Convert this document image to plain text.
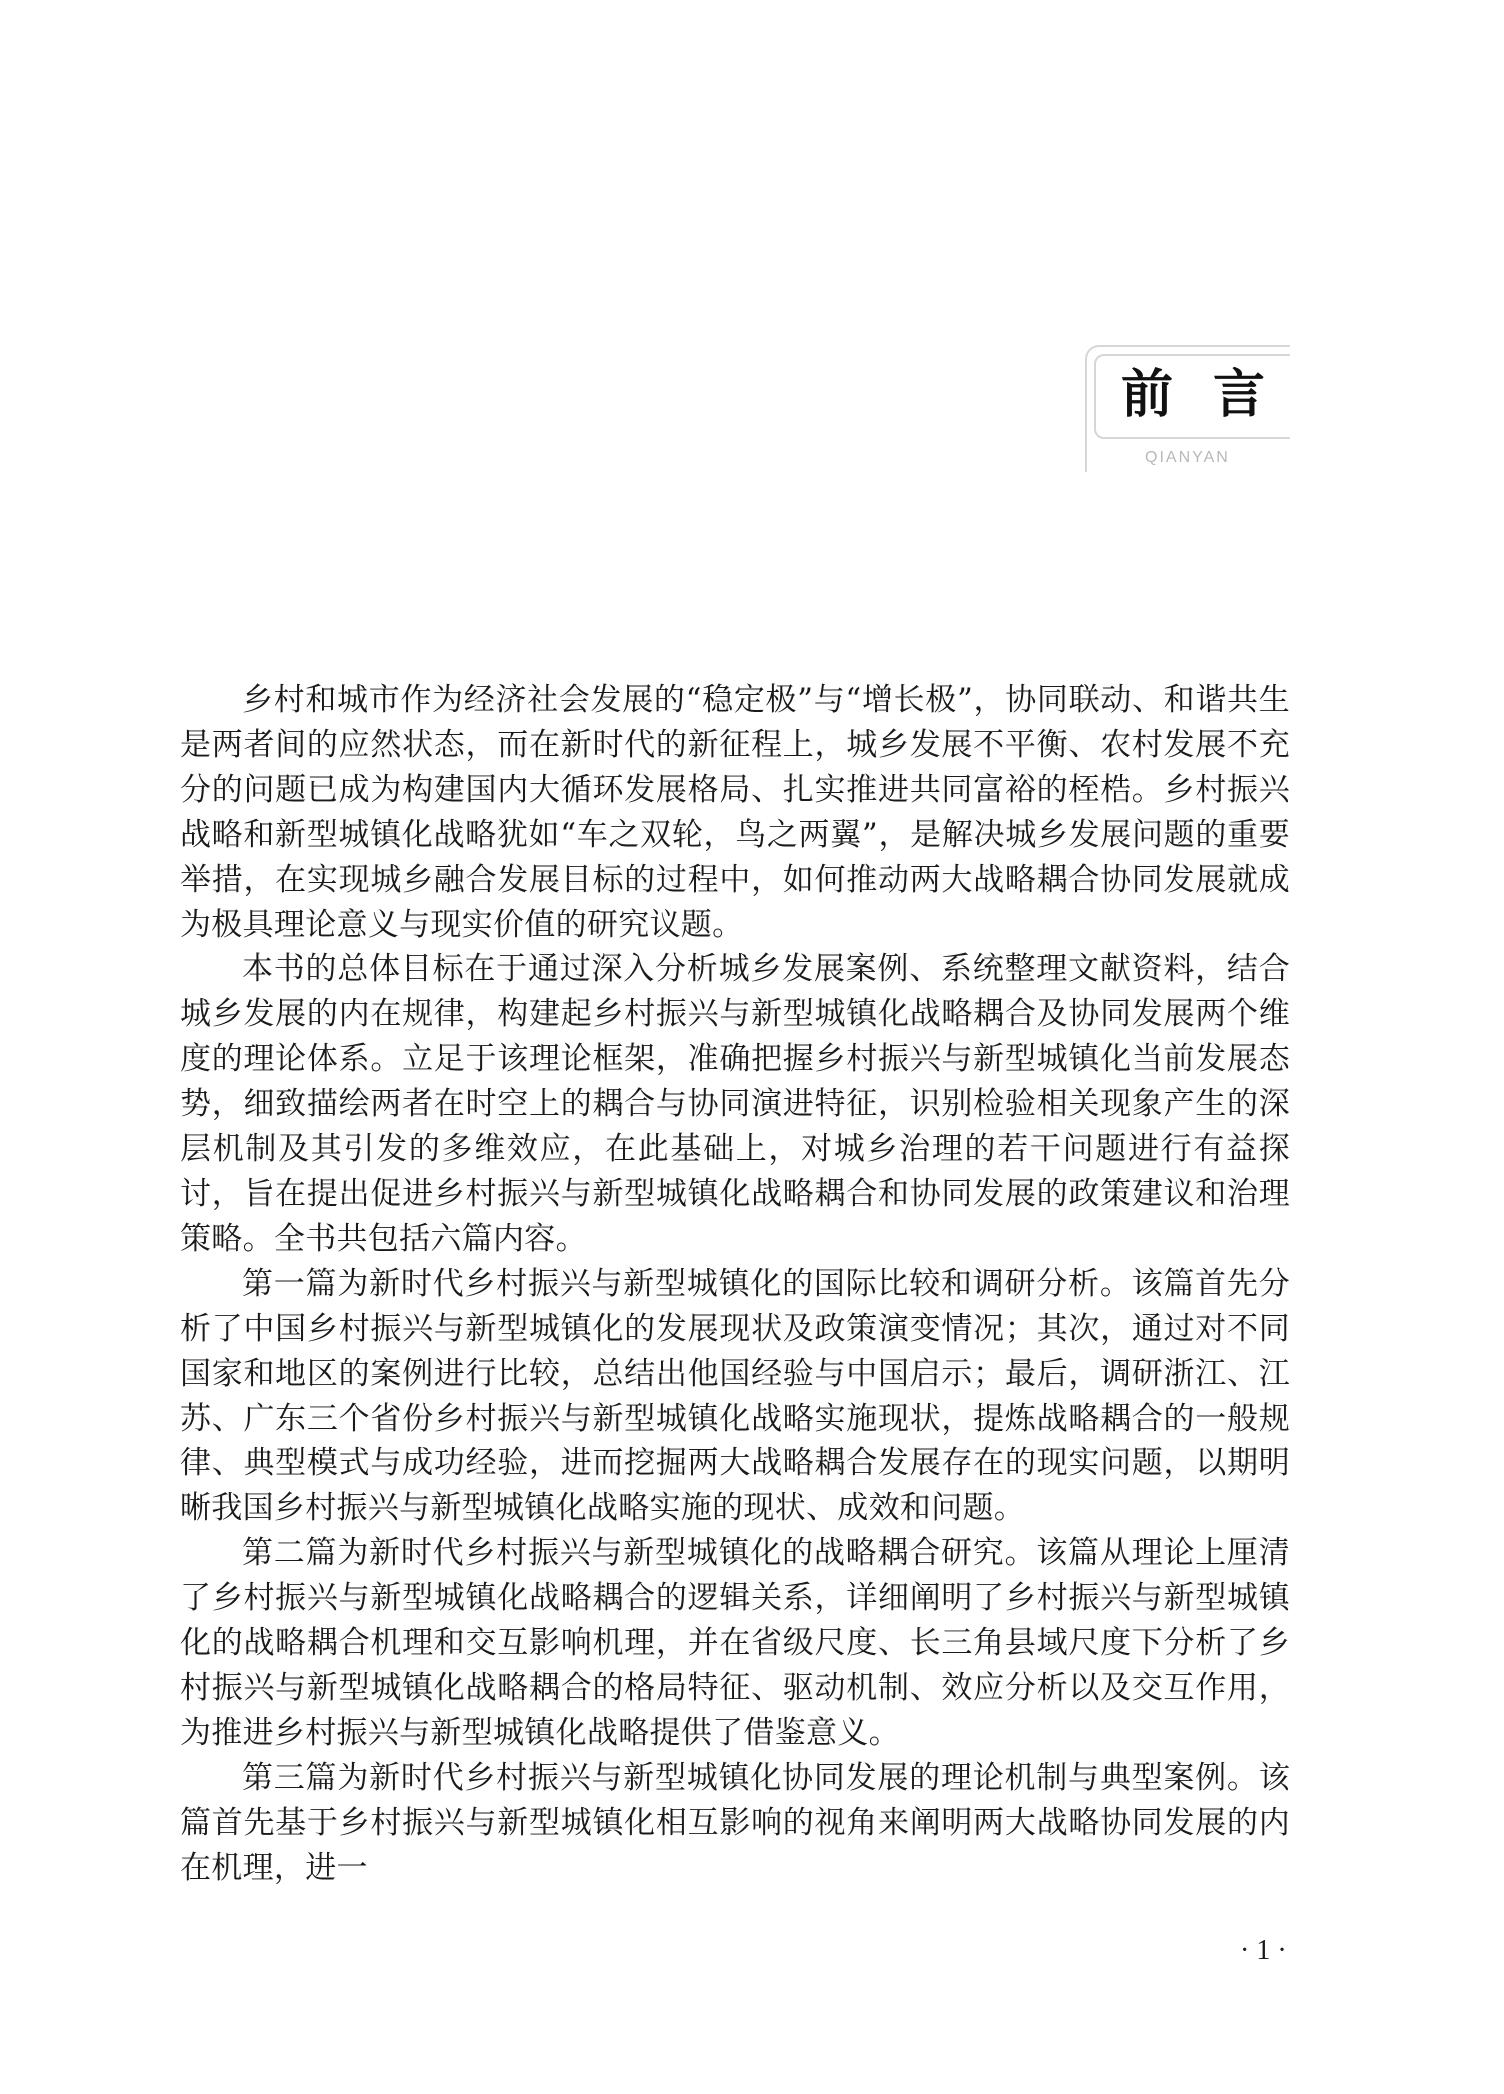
前言
QIANYAN

乡村和城市作为经济社会发展的“稳定极”与“增长极”，协同联动、和谐共生是两者间的应然状态，而在新时代的新征程上，城乡发展不平衡、农村发展不充分的问题已成为构建国内大循环发展格局、扎实推进共同富裕的桎梏。乡村振兴战略和新型城镇化战略犹如“车之双轮，鸟之两翼”，是解决城乡发展问题的重要举措，在实现城乡融合发展目标的过程中，如何推动两大战略耦合协同发展就成为极具理论意义与现实价值的研究议题。

本书的总体目标在于通过深入分析城乡发展案例、系统整理文献资料，结合城乡发展的内在规律，构建起乡村振兴与新型城镇化战略耦合及协同发展两个维度的理论体系。立足于该理论框架，准确把握乡村振兴与新型城镇化当前发展态势，细致描绘两者在时空上的耦合与协同演进特征，识别检验相关现象产生的深层机制及其引发的多维效应，在此基础上，对城乡治理的若干问题进行有益探讨，旨在提出促进乡村振兴与新型城镇化战略耦合和协同发展的政策建议和治理策略。全书共包括六篇内容。

第一篇为新时代乡村振兴与新型城镇化的国际比较和调研分析。该篇首先分析了中国乡村振兴与新型城镇化的发展现状及政策演变情况；其次，通过对不同国家和地区的案例进行比较，总结出他国经验与中国启示；最后，调研浙江、江苏、广东三个省份乡村振兴与新型城镇化战略实施现状，提炼战略耦合的一般规律、典型模式与成功经验，进而挖掘两大战略耦合发展存在的现实问题，以期明晰我国乡村振兴与新型城镇化战略实施的现状、成效和问题。

第二篇为新时代乡村振兴与新型城镇化的战略耦合研究。该篇从理论上厘清了乡村振兴与新型城镇化战略耦合的逻辑关系，详细阐明了乡村振兴与新型城镇化的战略耦合机理和交互影响机理，并在省级尺度、长三角县域尺度下分析了乡村振兴与新型城镇化战略耦合的格局特征、驱动机制、效应分析以及交互作用，为推进乡村振兴与新型城镇化战略提供了借鉴意义。

第三篇为新时代乡村振兴与新型城镇化协同发展的理论机制与典型案例。该篇首先基于乡村振兴与新型城镇化相互影响的视角来阐明两大战略协同发展的内在机理，进一

· 1 ·
